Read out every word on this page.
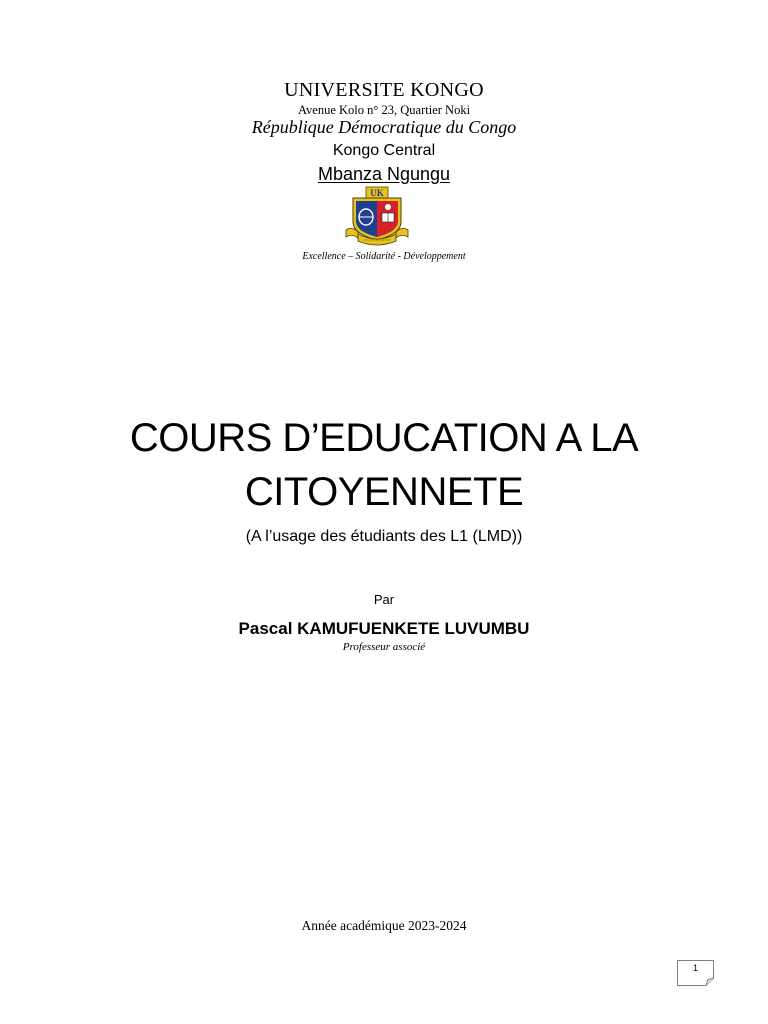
UNIVERSITE KONGO
Avenue Kolo n° 23, Quartier Noki
République Démocratique du Congo
Kongo Central
Mbanza Ngungu
UK
Excellence – Solidarité - Développement
COURS D’EDUCATION A LA
CITOYENNETE
(A l’usage des étudiants des L1 (LMD))
Par
Pascal KAMUFUENKETE LUVUMBU
Professeur associé
Année académique 2023-2024
1
